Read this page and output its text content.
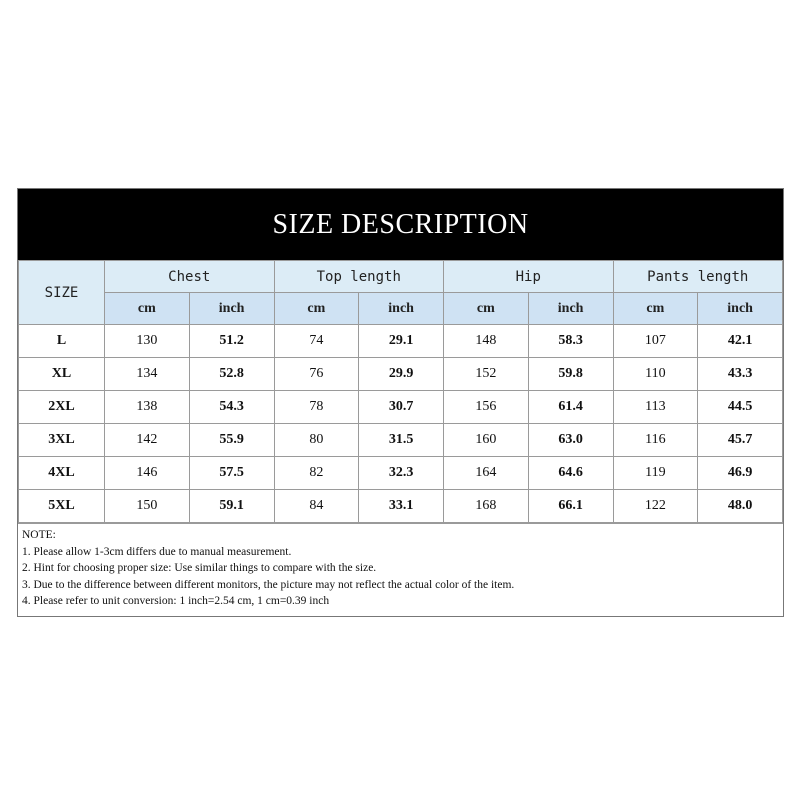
SIZE DESCRIPTION
SIZE	Chest		Top length		Hip		Pants length	
	cm	inch	cm	inch	cm	inch	cm	inch
L	130	51.2	74	29.1	148	58.3	107	42.1
XL	134	52.8	76	29.9	152	59.8	110	43.3
2XL	138	54.3	78	30.7	156	61.4	113	44.5
3XL	142	55.9	80	31.5	160	63.0	116	45.7
4XL	146	57.5	82	32.3	164	64.6	119	46.9
5XL	150	59.1	84	33.1	168	66.1	122	48.0
NOTE:
1. Please allow 1-3cm differs due to manual measurement.
2. Hint for choosing proper size: Use similar things to compare with the size.
3. Due to the difference between different monitors, the picture may not reflect the actual color of the item.
4. Please refer to unit conversion: 1 inch=2.54 cm, 1 cm=0.39 inch
